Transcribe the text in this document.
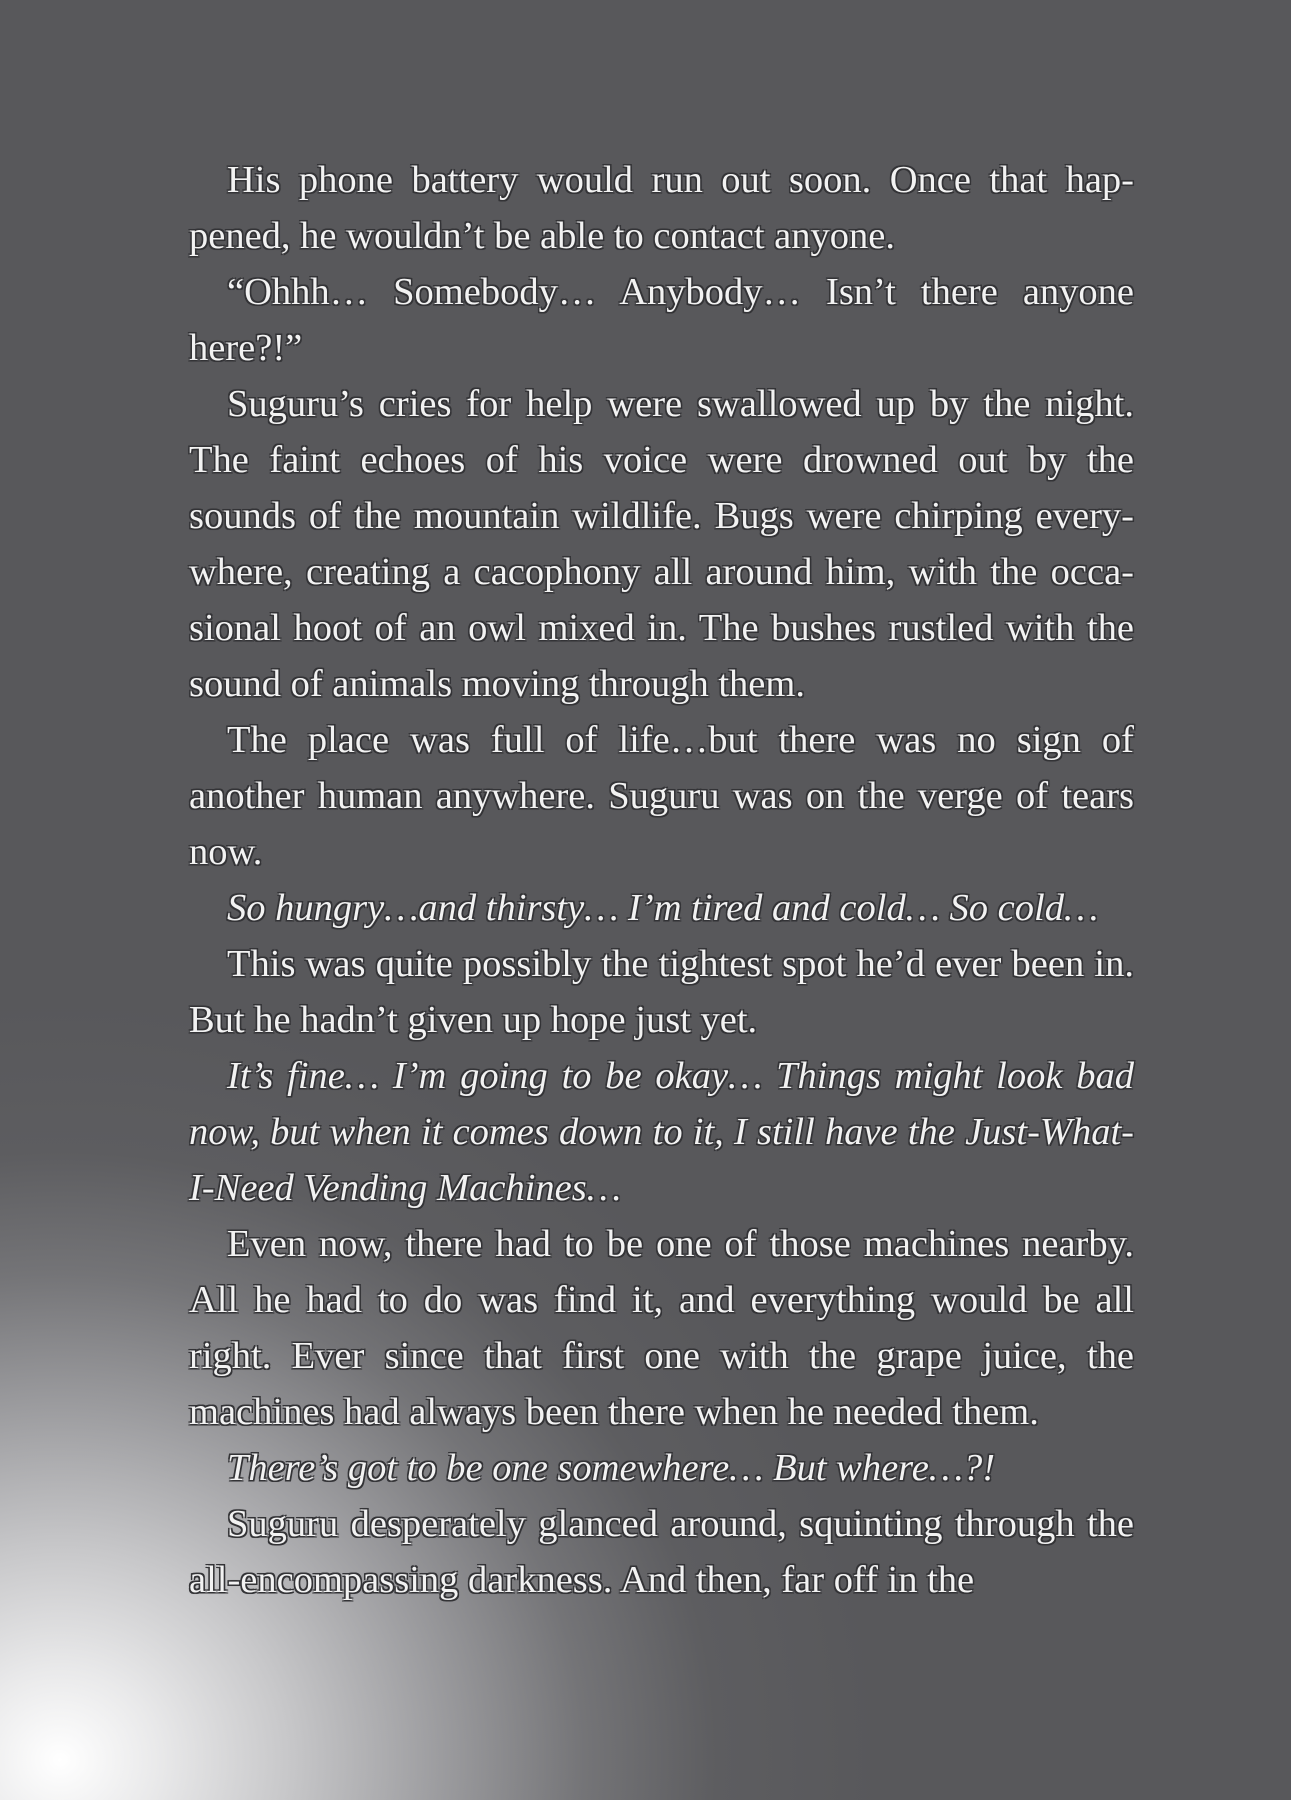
His phone battery would run out soon. Once that hap-pened, he wouldn’t be able to contact anyone.

“Ohhh… Somebody… Anybody… Isn’t there anyone here?!”

Suguru’s cries for help were swallowed up by the night. The faint echoes of his voice were drowned out by the sounds of the mountain wildlife. Bugs were chirping every-where, creating a cacophony all around him, with the occa-sional hoot of an owl mixed in. The bushes rustled with the sound of animals moving through them.

The place was full of life…but there was no sign of another human anywhere. Suguru was on the verge of tears now.

So hungry…and thirsty… I’m tired and cold… So cold…

This was quite possibly the tightest spot he’d ever been in. But he hadn’t given up hope just yet.

It’s fine… I’m going to be okay… Things might look bad now, but when it comes down to it, I still have the Just-What-I-Need Vending Machines…

Even now, there had to be one of those machines nearby. All he had to do was find it, and everything would be all right. Ever since that first one with the grape juice, the machines had always been there when he needed them.

There’s got to be one somewhere… But where…?!

Suguru desperately glanced around, squinting through the all-encompassing darkness. And then, far off in the
